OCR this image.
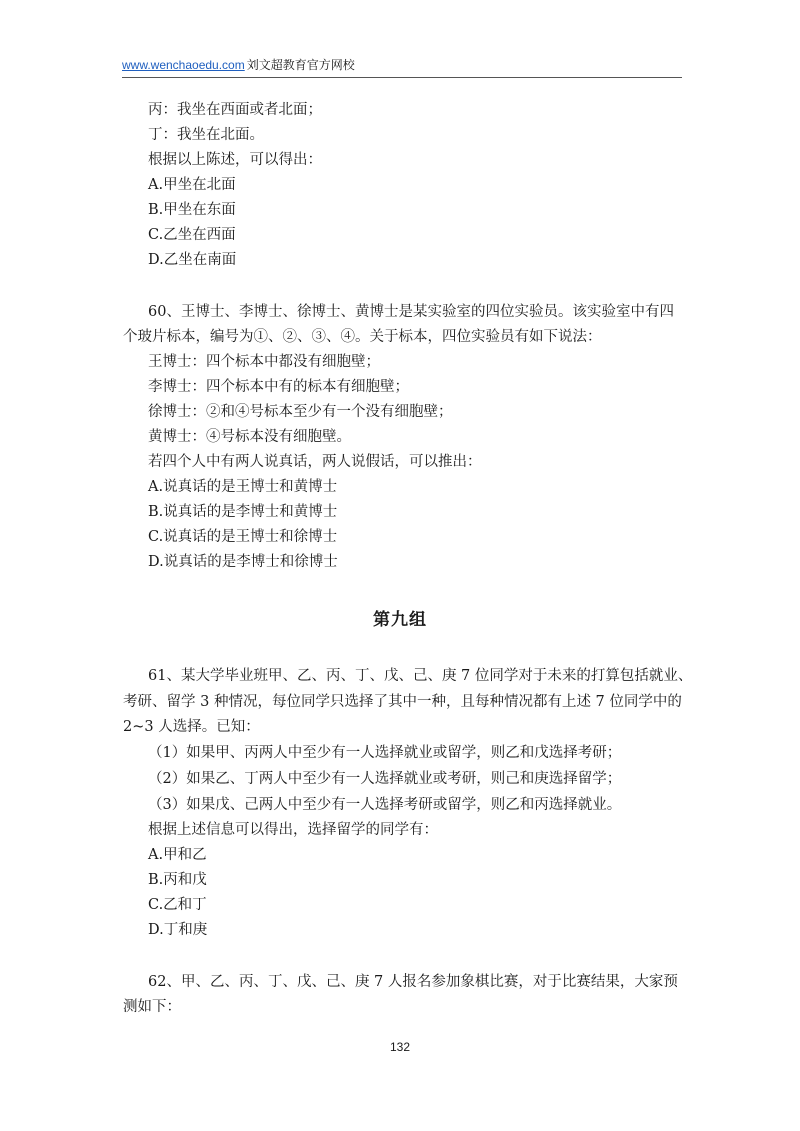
www.wenchaoedu.com 刘文超教育官方网校
丙：我坐在西面或者北面；
丁：我坐在北面。
根据以上陈述，可以得出：
A.甲坐在北面
B.甲坐在东面
C.乙坐在西面
D.乙坐在南面
60、王博士、李博士、徐博士、黄博士是某实验室的四位实验员。该实验室中有四
个玻片标本，编号为①、②、③、④。关于标本，四位实验员有如下说法：
王博士：四个标本中都没有细胞壁；
李博士：四个标本中有的标本有细胞壁；
徐博士：②和④号标本至少有一个没有细胞壁；
黄博士：④号标本没有细胞壁。
若四个人中有两人说真话，两人说假话，可以推出：
A.说真话的是王博士和黄博士
B.说真话的是李博士和黄博士
C.说真话的是王博士和徐博士
D.说真话的是李博士和徐博士
第九组
61、某大学毕业班甲、乙、丙、丁、戊、己、庚 7 位同学对于未来的打算包括就业、
考研、留学 3 种情况，每位同学只选择了其中一种，且每种情况都有上述 7 位同学中的
2~3 人选择。已知：
（1）如果甲、丙两人中至少有一人选择就业或留学，则乙和戊选择考研；
（2）如果乙、丁两人中至少有一人选择就业或考研，则己和庚选择留学；
（3）如果戊、己两人中至少有一人选择考研或留学，则乙和丙选择就业。
根据上述信息可以得出，选择留学的同学有：
A.甲和乙
B.丙和戊
C.乙和丁
D.丁和庚
62、甲、乙、丙、丁、戊、己、庚 7 人报名参加象棋比赛，对于比赛结果，大家预
测如下：
132
